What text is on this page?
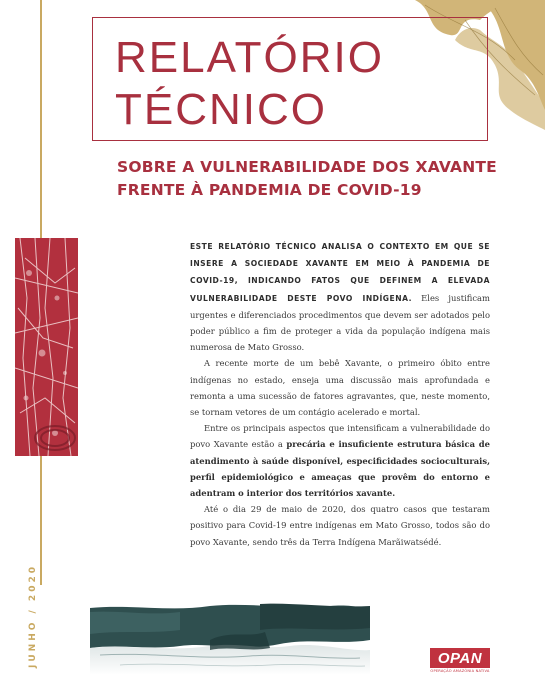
RELATÓRIO
TÉCNICO
SOBRE A VULNERABILIDADE DOS XAVANTE
FRENTE À PANDEMIA DE COVID-19

ESTE RELATÓRIO TÉCNICO ANALISA O CONTEXTO EM QUE SE INSERE A SOCIEDADE XAVANTE EM MEIO À PANDEMIA DE COVID-19, INDICANDO FATOS QUE DEFINEM A ELEVADA VULNERABILIDADE DESTE POVO INDÍGENA. Eles justificam urgentes e diferenciados procedimentos que devem ser adotados pelo poder público a fim de proteger a vida da população indígena mais numerosa de Mato Grosso.

A recente morte de um bebê Xavante, o primeiro óbito entre indígenas no estado, enseja uma discussão mais aprofundada e remonta a uma sucessão de fatores agravantes, que, neste momento, se tornam vetores de um contágio acelerado e mortal.

Entre os principais aspectos que intensificam a vulnerabilidade do povo Xavante estão a precária e insuficiente estrutura básica de atendimento à saúde disponível, especificidades socioculturais, perfil epidemiológico e ameaças que provêm do entorno e adentram o interior dos territórios xavante.

Até o dia 29 de maio de 2020, dos quatro casos que testaram positivo para Covid-19 entre indígenas em Mato Grosso, todos são do povo Xavante, sendo três da Terra Indígena Marãiwatsédé.

JUNHO / 2020	OPAN
OPERAÇÃO AMAZÔNIA NATIVA
